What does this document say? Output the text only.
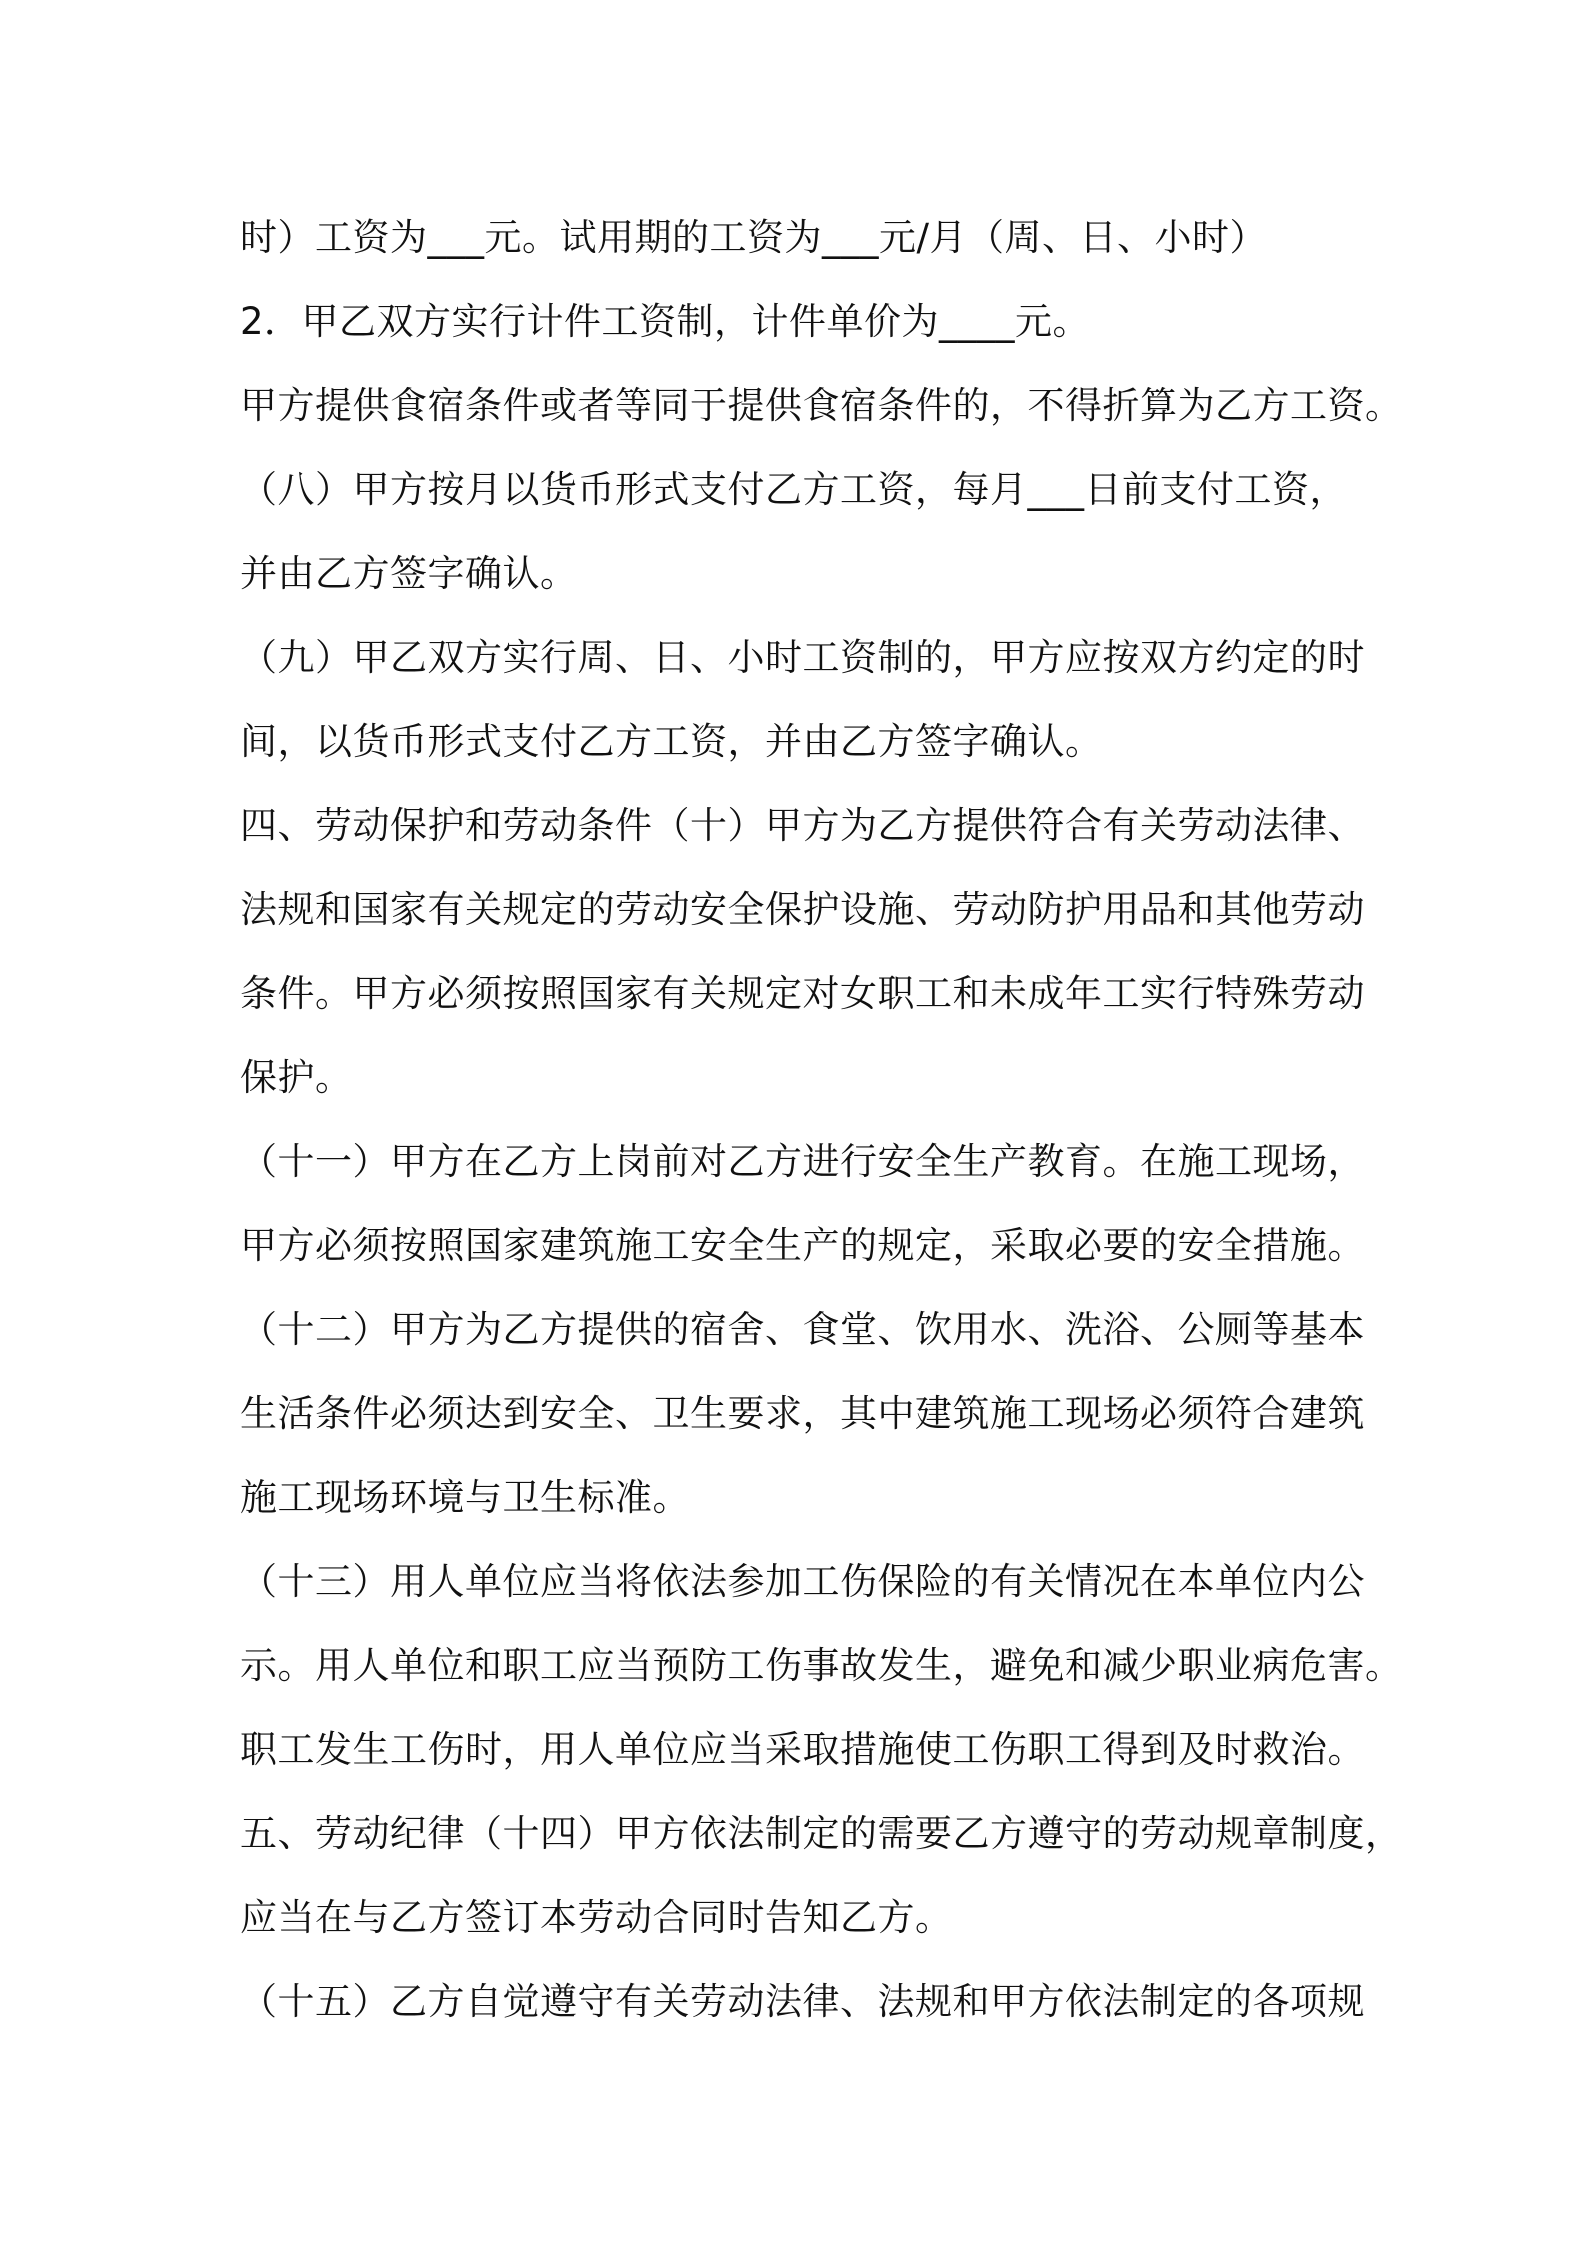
时）工资为___元。试用期的工资为___元/月（周、日、小时）
2．甲乙双方实行计件工资制，计件单价为____元。
甲方提供食宿条件或者等同于提供食宿条件的，不得折算为乙方工资。
（八）甲方按月以货币形式支付乙方工资，每月___日前支付工资，
并由乙方签字确认。
（九）甲乙双方实行周、日、小时工资制的，甲方应按双方约定的时
间，以货币形式支付乙方工资，并由乙方签字确认。
四、劳动保护和劳动条件（十）甲方为乙方提供符合有关劳动法律、
法规和国家有关规定的劳动安全保护设施、劳动防护用品和其他劳动
条件。甲方必须按照国家有关规定对女职工和未成年工实行特殊劳动
保护。
（十一）甲方在乙方上岗前对乙方进行安全生产教育。在施工现场，
甲方必须按照国家建筑施工安全生产的规定，采取必要的安全措施。
（十二）甲方为乙方提供的宿舍、食堂、饮用水、洗浴、公厕等基本
生活条件必须达到安全、卫生要求，其中建筑施工现场必须符合建筑
施工现场环境与卫生标准。
（十三）用人单位应当将依法参加工伤保险的有关情况在本单位内公
示。用人单位和职工应当预防工伤事故发生，避免和减少职业病危害。
职工发生工伤时，用人单位应当采取措施使工伤职工得到及时救治。
五、劳动纪律（十四）甲方依法制定的需要乙方遵守的劳动规章制度，
应当在与乙方签订本劳动合同时告知乙方。
（十五）乙方自觉遵守有关劳动法律、法规和甲方依法制定的各项规
